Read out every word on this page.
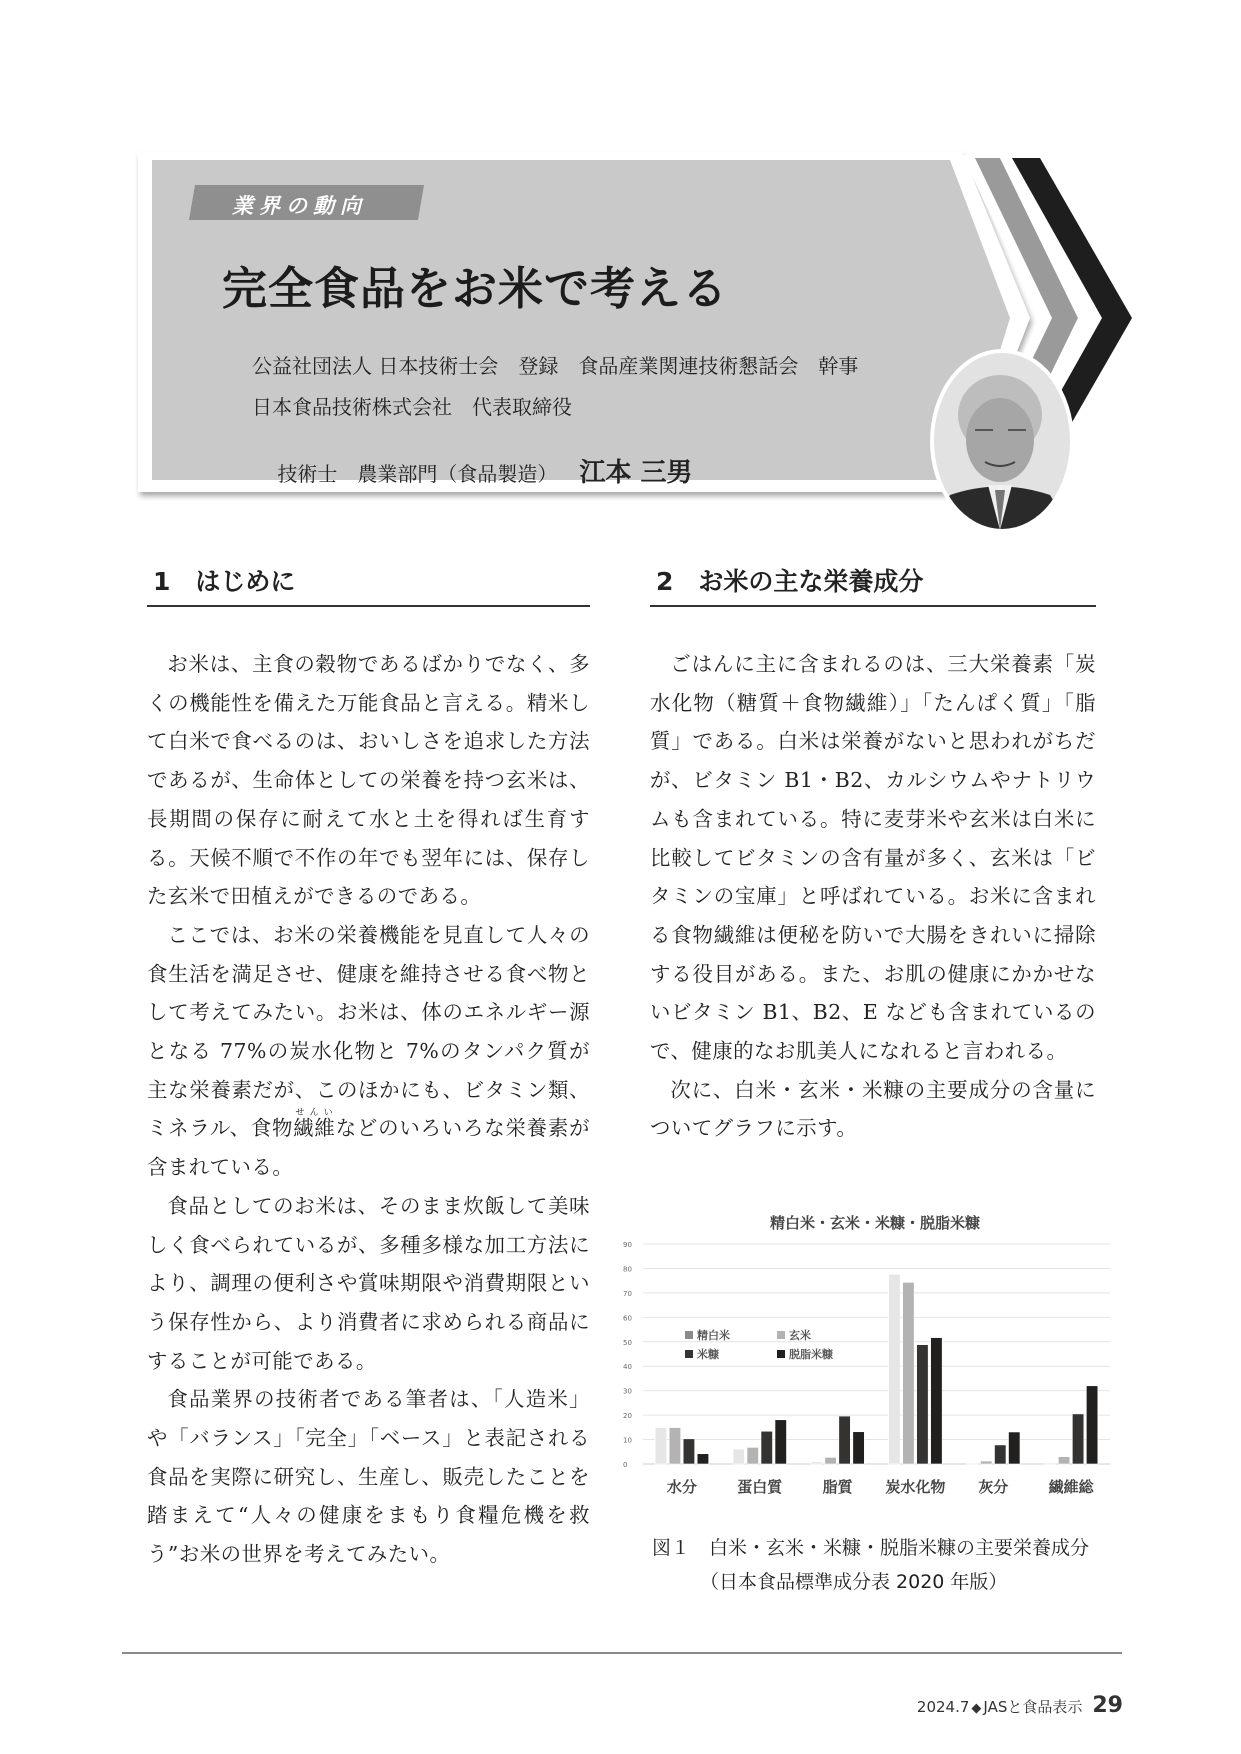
業界の動向
完全食品をお米で考える
公益社団法人 日本技術士会　登録　食品産業関連技術懇話会　幹事
日本食品技術株式会社　代表取締役

技術士　農業部門（食品製造） 江本 三男

1　はじめに

お米は、主食の穀物であるばかりでなく、多くの機能性を備えた万能食品と言える。精米して白米で食べるのは、おいしさを追求した方法であるが、生命体としての栄養を持つ玄米は、長期間の保存に耐えて水と土を得れば生育する。天候不順で不作の年でも翌年には、保存した玄米で田植えができるのである。

ここでは、お米の栄養機能を見直して人々の食生活を満足させ、健康を維持させる食べ物として考えてみたい。お米は、体のエネルギー源となる 77%の炭水化物と 7%のタンパク質が主な栄養素だが、このほかにも、ビタミン類、ミネラル、食物繊維せんいなどのいろいろな栄養素が含まれている。

食品としてのお米は、そのまま炊飯して美味しく食べられているが、多種多様な加工方法により、調理の便利さや賞味期限や消費期限という保存性から、より消費者に求められる商品にすることが可能である。

食品業界の技術者である筆者は、「人造米」や「バランス」「完全」「ベース」と表記される食品を実際に研究し、生産し、販売したことを踏まえて“人々の健康をまもり食糧危機を救う”お米の世界を考えてみたい。

2　お米の主な栄養成分

ごはんに主に含まれるのは、三大栄養素「炭水化物（糖質＋食物繊維）」「たんぱく質」「脂質」である。白米は栄養がないと思われがちだが、ビタミン B1・B2、カルシウムやナトリウムも含まれている。特に麦芽米や玄米は白米に比較してビタミンの含有量が多く、玄米は「ビタミンの宝庫」と呼ばれている。お米に含まれる食物繊維は便秘を防いで大腸をきれいに掃除する役目がある。また、お肌の健康にかかせないビタミン B1、B2、E なども含まれているので、健康的なお肌美人になれると言われる。

次に、白米・玄米・米糠の主要成分の含量についてグラフに示す。

精白米・玄米・米糠・脱脂米糠
0
10
20
30
40
50
60
70
80
90
水分	蛋白質	脂質 炭水化物 灰分	繊維総
精白米	玄米
米糠	脱脂米糠
図１　白米・玄米・米糠・脱脂米糠の主要栄養成分
（日本食品標準成分表 2020 年版）
2024.7 ◆ JASと食品表示 29
